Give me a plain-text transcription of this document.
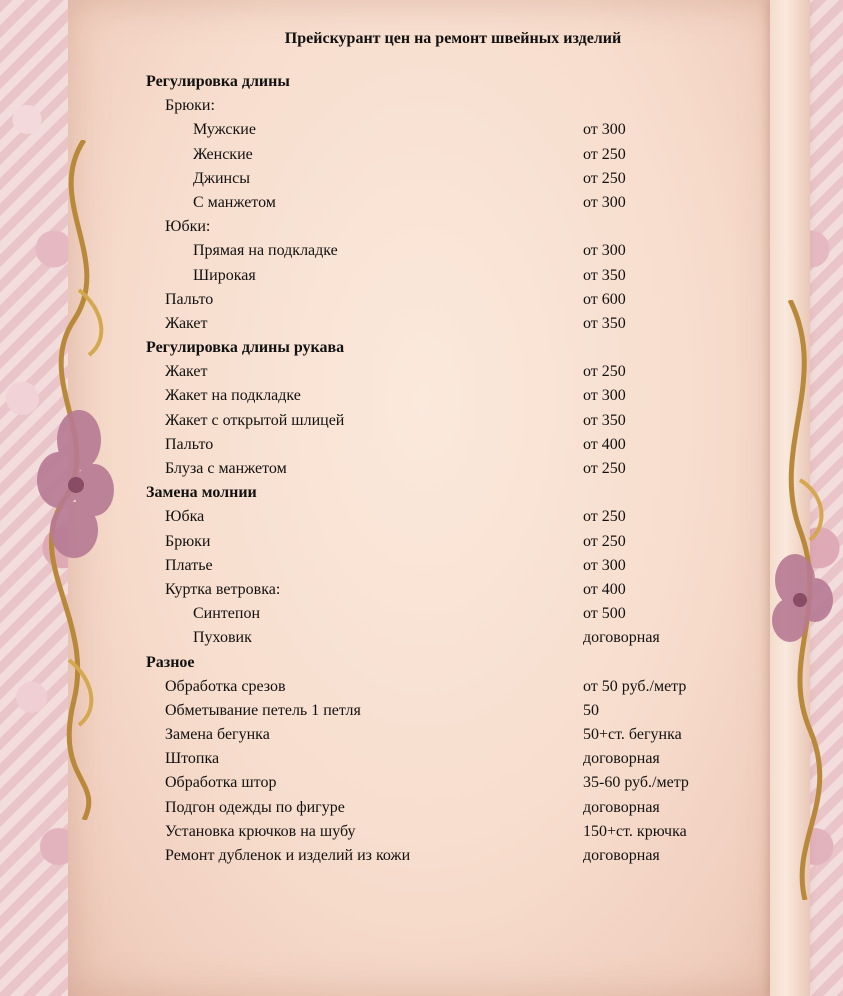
Прейскурант цен на ремонт швейных изделий
Регулировка длины
Брюки:
Мужские	от 300
Женские	от 250
Джинсы	от 250
С манжетом	от 300
Юбки:
Прямая на подкладке	от 300
Широкая	от 350
Пальто	от 600
Жакет	от 350
Регулировка длины рукава
Жакет	от 250
Жакет на подкладке	от 300
Жакет с открытой шлицей	от 350
Пальто	от 400
Блуза с манжетом	от 250
Замена молнии
Юбка	от 250
Брюки	от 250
Платье	от 300
Куртка ветровка:	от 400
Синтепон	от 500
Пуховик	договорная
Разное
Обработка срезов	от 50 руб./метр
Обметывание петель 1 петля	50
Замена бегунка	50+ст. бегунка
Штопка	договорная
Обработка штор	35-60 руб./метр
Подгон одежды по фигуре	договорная
Установка крючков на шубу	150+ст. крючка
Ремонт дубленок и изделий из кожи	договорная
